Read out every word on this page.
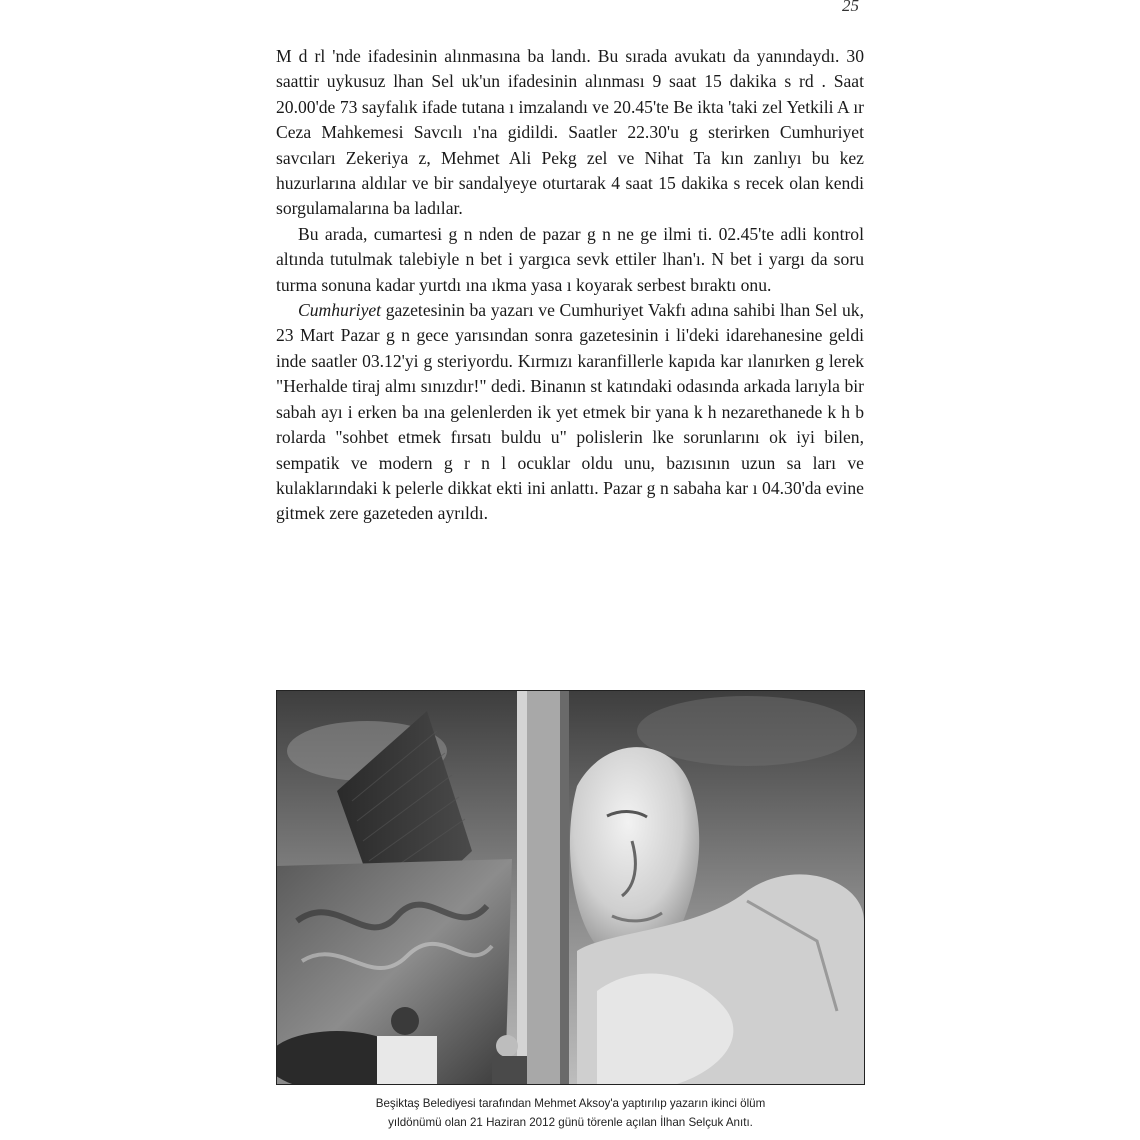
25

M d rl 'nde ifadesinin alınmasına ba landı. Bu sırada avukatı da yanındaydı. 30 saattir uykusuz lhan Sel uk'un ifadesinin alınması 9 saat 15 dakika s rd . Saat 20.00'de 73 sayfalık ifade tutana ı imzalandı ve 20.45'te Be ikta 'taki zel Yetkili A ır Ceza Mahkemesi Savcılı ı'na gidildi. Saatler 22.30'u g sterirken Cumhuriyet savcıları Zekeriya z, Mehmet Ali Pekg zel ve Nihat Ta kın zanlıyı bu kez huzurlarına aldılar ve bir sandalyeye oturtarak 4 saat 15 dakika s recek olan kendi sorgulamalarına ba ladılar.

Bu arada, cumartesi g n nden de pazar g n ne ge ilmi ti. 02.45'te adli kontrol altında tutulmak talebiyle n bet i yargıca sevk ettiler lhan'ı. N bet i yargı da soru turma sonuna kadar yurtdı ına ıkma yasa ı koyarak serbest bıraktı onu.

Cumhuriyet gazetesinin ba yazarı ve Cumhuriyet Vakfı adına sahibi lhan Sel uk, 23 Mart Pazar g n gece yarısından sonra gazetesinin i li'deki idarehanesine geldi inde saatler 03.12'yi g steriyordu. Kırmızı karanfillerle kapıda kar ılanırken g lerek "Herhalde tiraj almı sınızdır!" dedi. Binanın st katındaki odasında arkada larıyla bir sabah ayı i erken ba ına gelenlerden ik yet etmek bir yana k h nezarethanede k h b rolarda "sohbet etmek fırsatı buldu u" polislerin lke sorunlarını ok iyi bilen, sempatik ve modern g r n l ocuklar oldu unu, bazısının uzun sa ları ve kulaklarındaki k pelerle dikkat ekti ini anlattı. Pazar g n sabaha kar ı 04.30'da evine gitmek zere gazeteden ayrıldı.

Beşiktaş Belediyesi tarafından Mehmet Aksoy'a yaptırılıp yazarın ikinci ölüm
yıldönümü olan 21 Haziran 2012 günü törenle açılan İlhan Selçuk Anıtı.
